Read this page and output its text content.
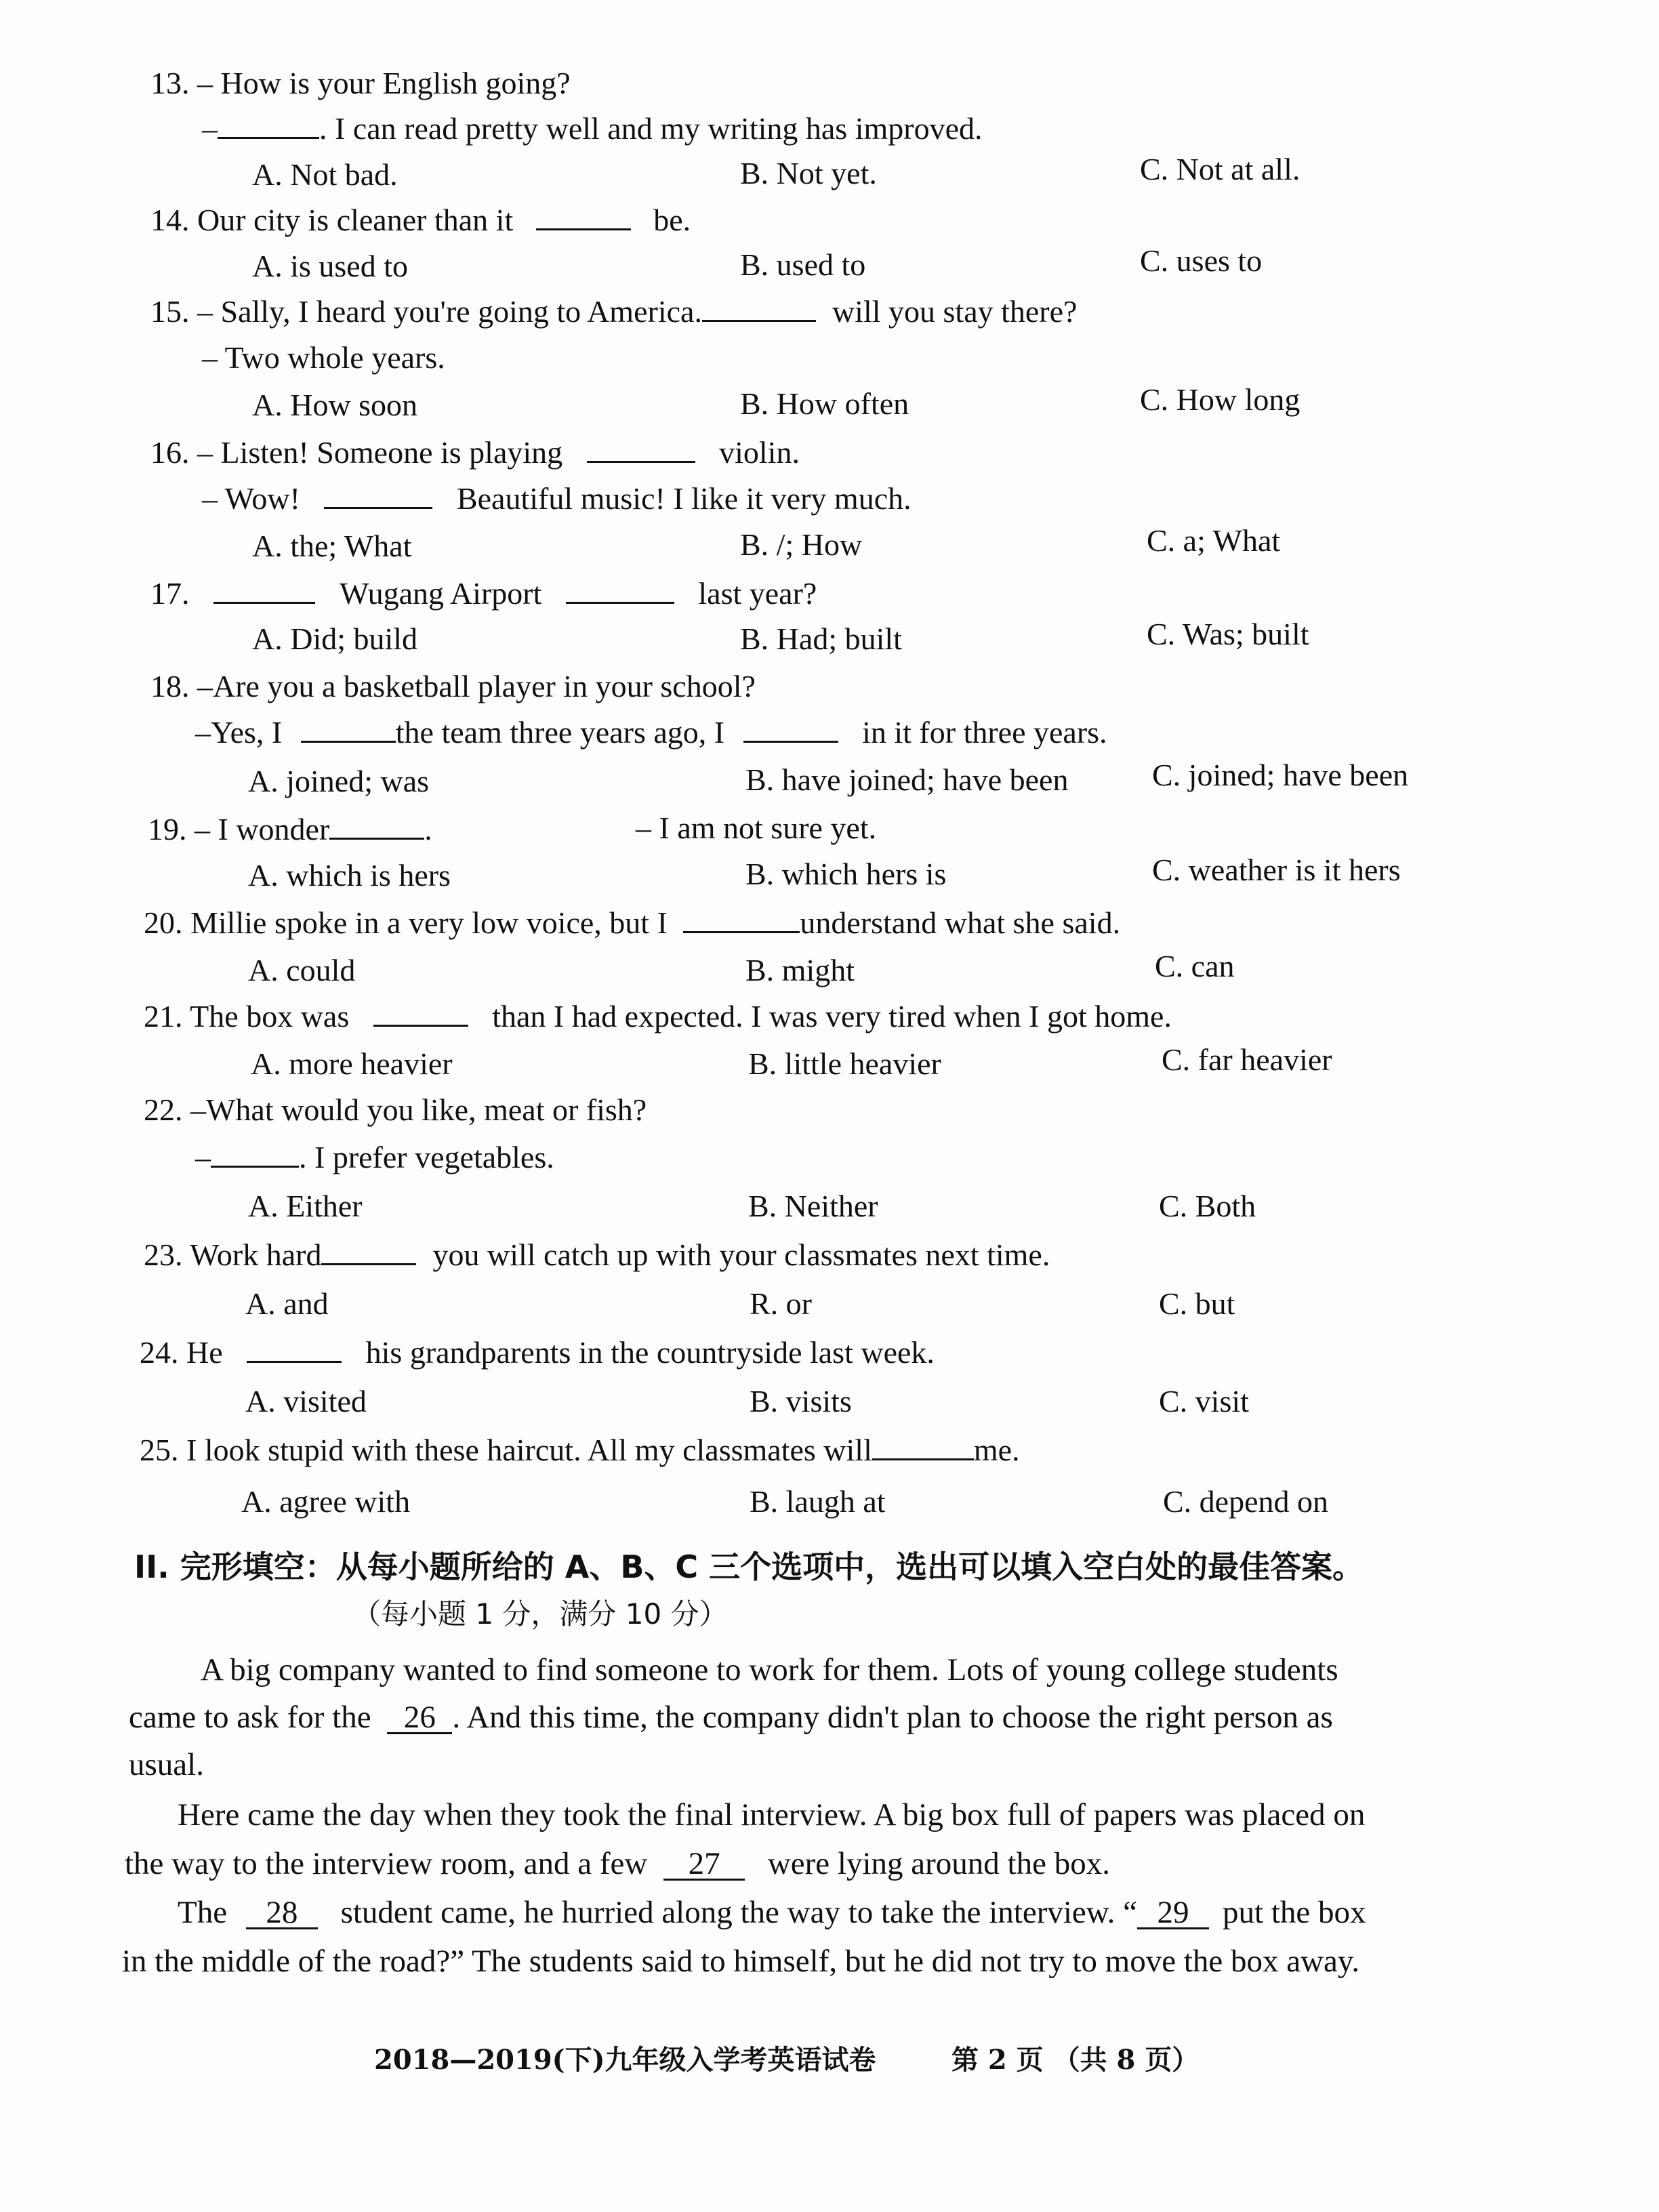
13. – How is your English going?
–	. I can read pretty well and my writing has improved.
A. Not bad.	B. Not yet.	C. Not at all.
14. Our city is cleaner than it	be.
A. is used to	B. used to	C. uses to
15. – Sally, I heard you're going to America.	will you stay there?
– Two whole years.
A. How soon	B. How often	C. How long
16. – Listen! Someone is playing	violin.
– Wow!	Beautiful music! I like it very much.
A. the; What	B. /; How	C. a; What
17.	Wugang Airport	last year?
A. Did; build	B. Had; built	C. Was; built
18. –Are you a basketball player in your school?
–Yes, I	the team three years ago, I	in it for three years.
A. joined; was	B. have joined; have been	C. joined; have been
19. – I wonder	.	– I am not sure yet.
A. which is hers	B. which hers is	C. weather is it hers
20. Millie spoke in a very low voice, but I	understand what she said.
A. could	B. might	C. can
21. The box was	than I had expected. I was very tired when I got home.
A. more heavier	B. little heavier	C. far heavier
22. –What would you like, meat or fish?
–	. I prefer vegetables.
A. Either	B. Neither	C. Both
23. Work hard	you will catch up with your classmates next time.
A. and	R. or	C. but
24. He	his grandparents in the countryside last week.
A. visited	B. visits	C. visit
25. I look stupid with these haircut. All my classmates will	me.
A. agree with	B. laugh at	C. depend on
II. 完形填空：从每小题所给的 A、B、C 三个选项中，选出可以填入空白处的最佳答案。
（每小题 1 分，满分 10 分）
A big company wanted to find someone to work for them. Lots of young college students
came to ask for the 26 . And this time, the company didn't plan to choose the right person as
usual.
Here came the day when they took the final interview. A big box full of papers was placed on
the way to the interview room, and a few 27 were lying around the box.
The 28 student came, he hurried along the way to take the interview. “ 29 put the box
in the middle of the road?” The students said to himself, but he did not try to move the box away.
2018—2019(下)九年级入学考英语试卷	第 2 页 （共 8 页）
